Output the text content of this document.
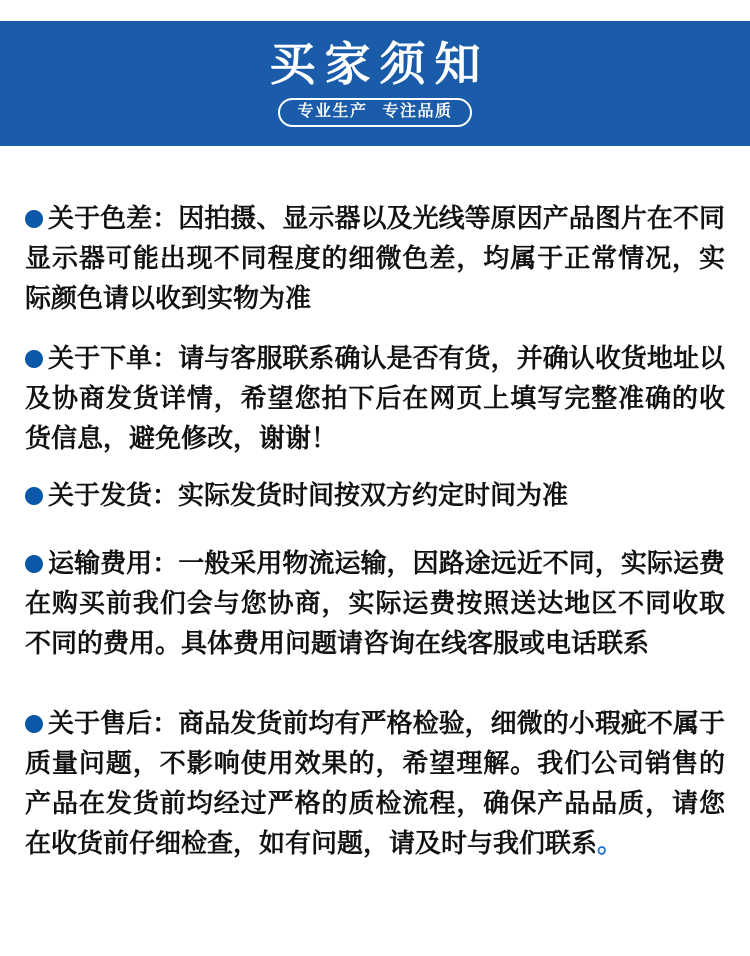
买家须知
专业生产 专注品质

关于色差：因拍摄、显示器以及光线等原因产品图片在不同显示器可能出现不同程度的细微色差，均属于正常情况，实际颜色请以收到实物为准

关于下单：请与客服联系确认是否有货，并确认收货地址以及协商发货详情，希望您拍下后在网页上填写完整准确的收货信息，避免修改，谢谢！

关于发货：实际发货时间按双方约定时间为准

运输费用：一般采用物流运输，因路途远近不同，实际运费在购买前我们会与您协商，实际运费按照送达地区不同收取不同的费用。具体费用问题请咨询在线客服或电话联系

关于售后：商品发货前均有严格检验，细微的小瑕疵不属于质量问题，不影响使用效果的，希望理解。我们公司销售的产品在发货前均经过严格的质检流程，确保产品品质，请您在收货前仔细检查，如有问题，请及时与我们联系。
